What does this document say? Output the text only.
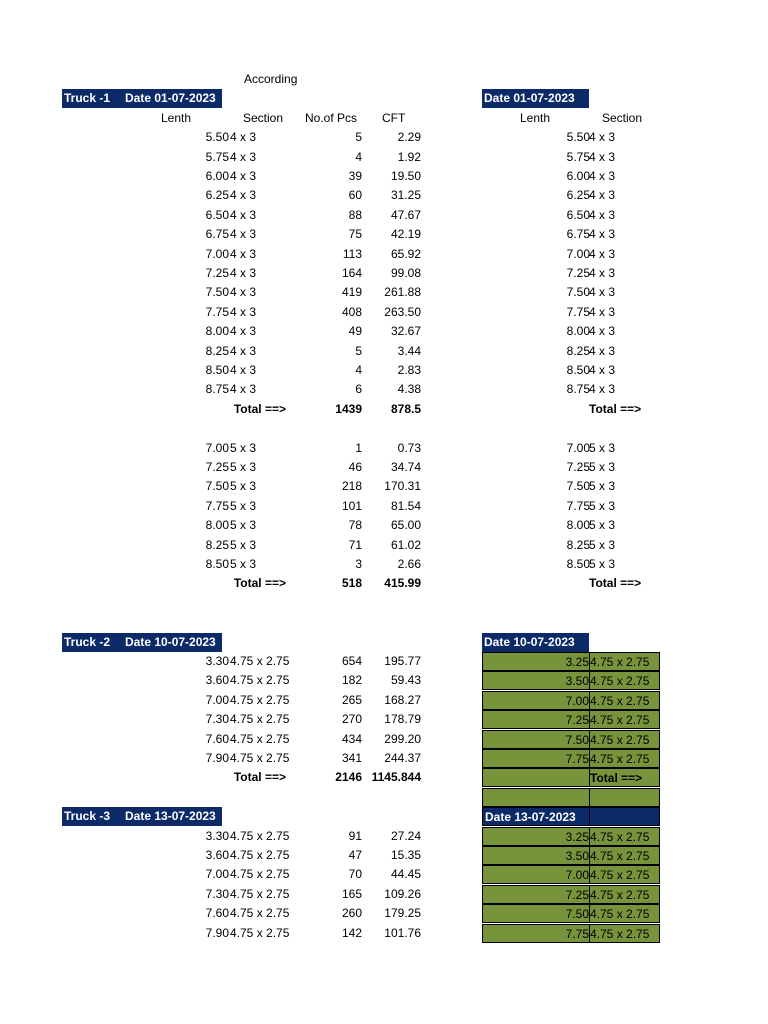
According
Truck -1	Date 01-07-2023	Date 01-07-2023
Lenth	Section	No.of Pcs	CFT	Lenth	Section
5.50 4 x 3	5	2.29	5.50 4 x 3
5.75 4 x 3	4	1.92	5.75 4 x 3
6.00 4 x 3	39	19.50	6.00 4 x 3
6.25 4 x 3	60	31.25	6.25 4 x 3
6.50 4 x 3	88	47.67	6.50 4 x 3
6.75 4 x 3	75	42.19	6.75 4 x 3
7.00 4 x 3	113	65.92	7.00 4 x 3
7.25 4 x 3	164	99.08	7.25 4 x 3
7.50 4 x 3	419	261.88	7.50 4 x 3
7.75 4 x 3	408	263.50	7.75 4 x 3
8.00 4 x 3	49	32.67	8.00 4 x 3
8.25 4 x 3	5	3.44	8.25 4 x 3
8.50 4 x 3	4	2.83	8.50 4 x 3
8.75 4 x 3	6	4.38	8.75 4 x 3
Total ==>	1439	878.5	Total ==>
7.00 5 x 3	1	0.73	7.00 5 x 3
7.25 5 x 3	46	34.74	7.25 5 x 3
7.50 5 x 3	218	170.31	7.50 5 x 3
7.75 5 x 3	101	81.54	7.75 5 x 3
8.00 5 x 3	78	65.00	8.00 5 x 3
8.25 5 x 3	71	61.02	8.25 5 x 3
8.50 5 x 3	3	2.66	8.50 5 x 3
Total ==>	518	415.99	Total ==>
Truck -2	Date 10-07-2023	Date 10-07-2023
3.30 4.75 x 2.75	654	195.77	3.25 4.75 x 2.75
3.60 4.75 x 2.75	182	59.43	3.50 4.75 x 2.75
7.00 4.75 x 2.75	265	168.27	7.00 4.75 x 2.75
7.30 4.75 x 2.75	270	178.79	7.25 4.75 x 2.75
7.60 4.75 x 2.75	434	299.20	7.50 4.75 x 2.75
7.90 4.75 x 2.75	341	244.37	7.75 4.75 x 2.75
Total ==>	2146 1145.844	Total ==>
Truck -3	Date 13-07-2023	Date 13-07-2023
3.30 4.75 x 2.75	91	27.24	3.25 4.75 x 2.75
3.60 4.75 x 2.75	47	15.35	3.50 4.75 x 2.75
7.00 4.75 x 2.75	70	44.45	7.00 4.75 x 2.75
7.30 4.75 x 2.75	165	109.26	7.25 4.75 x 2.75
7.60 4.75 x 2.75	260	179.25	7.50 4.75 x 2.75
7.90 4.75 x 2.75	142	101.76	7.75 4.75 x 2.75
